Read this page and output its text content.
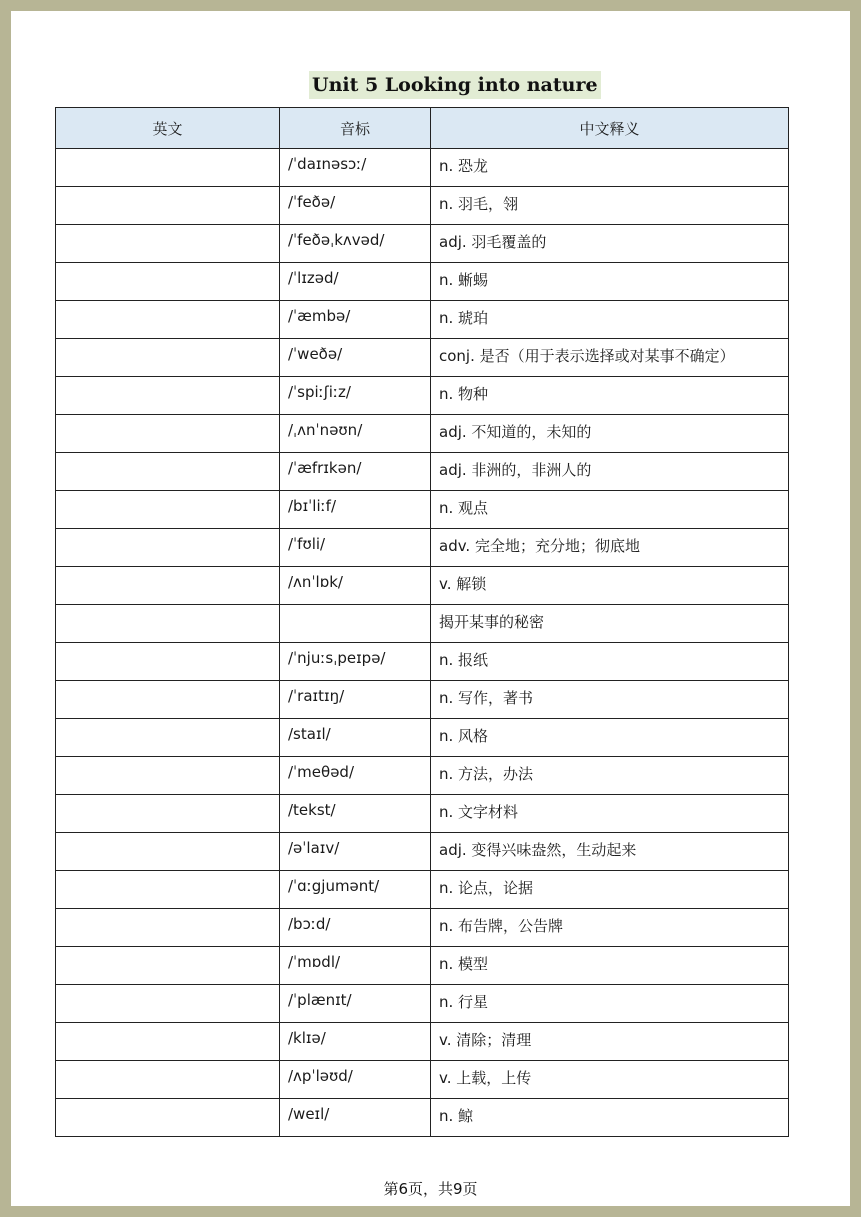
Unit 5 Looking into nature
英文	音标	中文释义
	/ˈdaɪnəsɔː/	n. 恐龙
	/ˈfeðə/	n. 羽毛，翎
	/ˈfeðəˌkʌvəd/	adj. 羽毛覆盖的
	/ˈlɪzəd/	n. 蜥蜴
	/ˈæmbə/	n. 琥珀
	/ˈweðə/	conj. 是否（用于表示选择或对某事不确定）
	/ˈspiːʃiːz/	n. 物种
	/ˌʌnˈnəʊn/	adj. 不知道的，未知的
	/ˈæfrɪkən/	adj. 非洲的，非洲人的
	/bɪˈliːf/	n. 观点
	/ˈfʊli/	adv. 完全地；充分地；彻底地
	/ʌnˈlɒk/	v. 解锁
		揭开某事的秘密
	/ˈnjuːsˌpeɪpə/	n. 报纸
	/ˈraɪtɪŋ/	n. 写作，著书
	/staɪl/	n. 风格
	/ˈmeθəd/	n. 方法，办法
	/tekst/	n. 文字材料
	/əˈlaɪv/	adj. 变得兴味盎然，生动起来
	/ˈɑːgjumənt/	n. 论点，论据
	/bɔːd/	n. 布告牌，公告牌
	/ˈmɒdl/	n. 模型
	/ˈplænɪt/	n. 行星
	/klɪə/	v. 清除；清理
	/ʌpˈləʊd/	v. 上载，上传
	/weɪl/	n. 鲸
第6页，共9页
